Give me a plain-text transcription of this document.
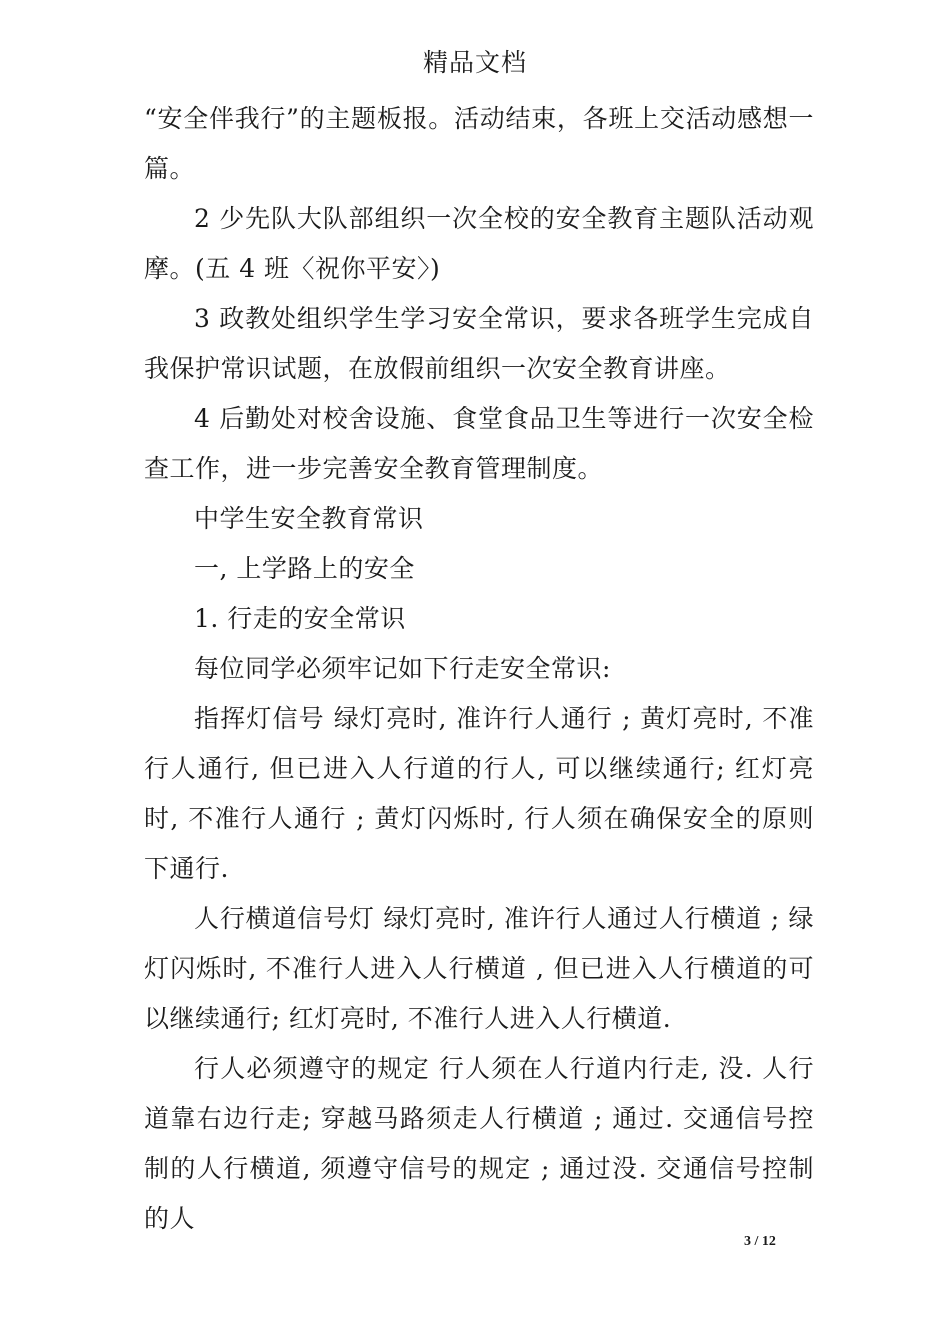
精品文档

“安全伴我行”的主题板报。活动结束，各班上交活动感想一篇。

2 少先队大队部组织一次全校的安全教育主题队活动观摩。(五 4 班〈祝你平安〉)

3 政教处组织学生学习安全常识，要求各班学生完成自我保护常识试题，在放假前组织一次安全教育讲座。

4 后勤处对校舍设施、食堂食品卫生等进行一次安全检查工作，进一步完善安全教育管理制度。

中学生安全教育常识

一, 上学路上的安全

1. 行走的安全常识

每位同学必须牢记如下行走安全常识:

指挥灯信号 绿灯亮时, 准许行人通行 ; 黄灯亮时, 不准行人通行, 但已进入人行道的行人, 可以继续通行; 红灯亮时, 不准行人通行 ; 黄灯闪烁时, 行人须在确保安全的原则下通行.

人行横道信号灯 绿灯亮时, 准许行人通过人行横道 ; 绿灯闪烁时, 不准行人进入人行横道 , 但已进入人行横道的可以继续通行; 红灯亮时, 不准行人进入人行横道.

行人必须遵守的规定 行人须在人行道内行走, 没. 人行道靠右边行走; 穿越马路须走人行横道 ; 通过. 交通信号控制的人行横道, 须遵守信号的规定 ; 通过没. 交通信号控制的人

3 / 12
